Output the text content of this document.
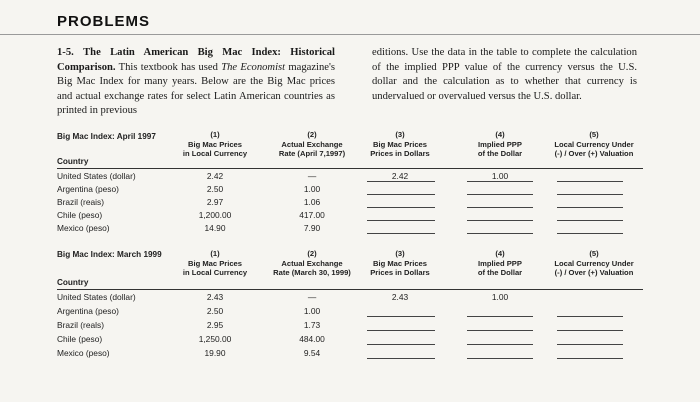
PROBLEMS
1-5. The Latin American Big Mac Index: Historical Comparison. This textbook has used The Economist magazine's Big Mac Index for many years. Below are the Big Mac prices and actual exchange rates for select Latin American countries as printed in previous
editions. Use the data in the table to complete the calculation of the implied PPP value of the currency versus the U.S. dollar and the calculation as to whether that currency is undervalued or overvalued versus the U.S. dollar.
Big Mac Index: April 1997	(1)
Big Mac Prices
in Local Currency
(2)
Actual Exchange
Rate (April 7,1997)
(3)
Big Mac Prices
Prices in Dollars
(4)
Implied PPP
of the Dollar
(5)
Local Currency Under
(-) / Over (+) Valuation
Country
United States (dollar)	2.42	—	2.42	1.00
Argentina (peso)	2.50	1.00
Brazil (reais)	2.97	1.06
Chile (peso)	1,200.00	417.00
Mexico (peso)	14.90	7.90
Big Mac Index: March 1999	(1)
Big Mac Prices
in Local Currency
(2)
Actual Exchange
Rate (March 30, 1999)
(3)
Big Mac Prices
Prices in Dollars
(4)
Implied PPP
of the Dollar
(5)
Local Currency Under
(-) / Over (+) Valuation
Country
United States (dollar)	2.43	—	2.43	1.00
Argentina (peso)	2.50	1.00
Brazil (reals)	2.95	1.73
Chile (peso)	1,250.00	484.00
Mexico (peso)	19.90	9.54
